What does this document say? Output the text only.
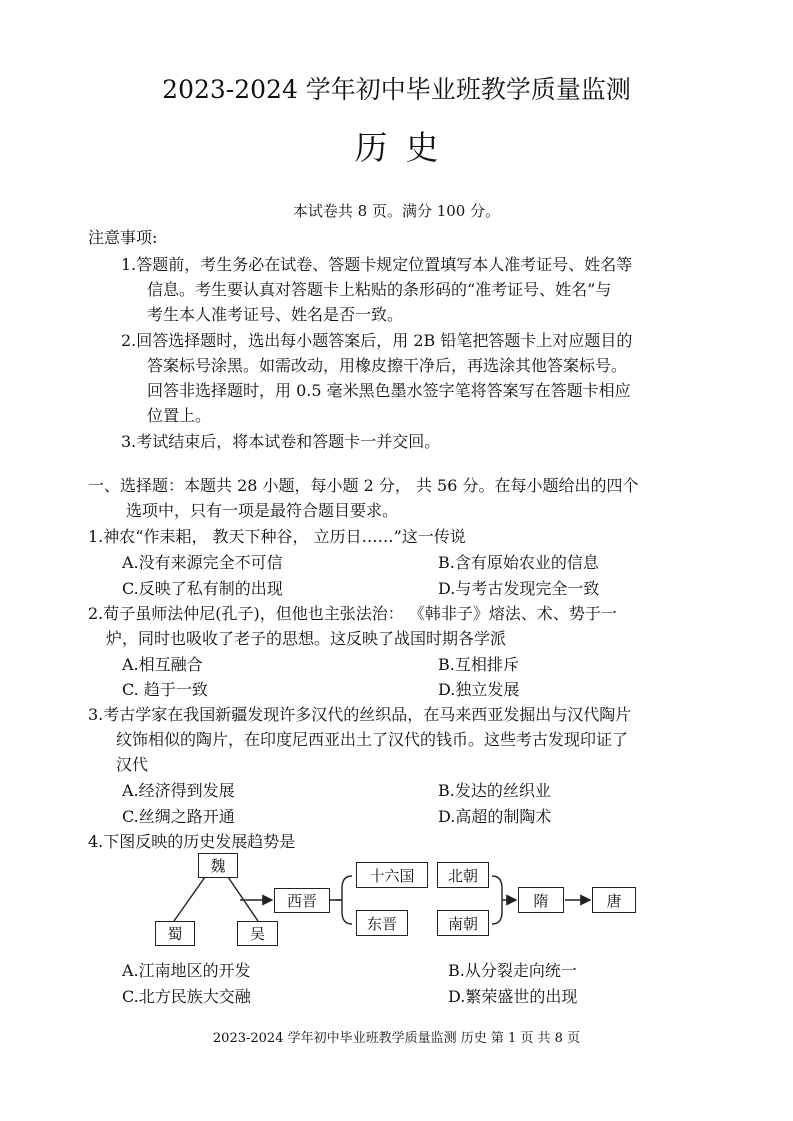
2023-2024 学年初中毕业班教学质量监测
历史
本试卷共 8 页。满分 100 分。
注意事项:
1.答题前，考生务必在试卷、答题卡规定位置填写本人准考证号、姓名等
信息。考生要认真对答题卡上粘贴的条形码的“准考证号、姓名”与
考生本人准考证号、姓名是否一致。
2.回答选择题时，选出每小题答案后，用 2B 铅笔把答题卡上对应题目的
答案标号涂黑。如需改动，用橡皮擦干净后，再选涂其他答案标号。
回答非选择题时，用 0.5 毫米黑色墨水签字笔将答案写在答题卡相应
位置上。
3.考试结束后，将本试卷和答题卡一并交回。
一、选择题：本题共 28 小题，每小题 2 分， 共 56 分。在每小题给出的四个
选项中，只有一项是最符合题目要求。
1.神农“作耒耜， 教天下种谷， 立历日……”这一传说
A.没有来源完全不可信	B.含有原始农业的信息
C.反映了私有制的出现	D.与考古发现完全一致
2.荀子虽师法仲尼(孔子)，但他也主张法治： 《韩非子》熔法、术、势于一
炉，同时也吸收了老子的思想。这反映了战国时期各学派
A.相互融合	B.互相排斥
C. 趋于一致	D.独立发展
3.考古学家在我国新疆发现许多汉代的丝织品，在马来西亚发掘出与汉代陶片
纹饰相似的陶片，在印度尼西亚出土了汉代的钱币。这些考古发现印证了
汉代
A.经济得到发展	B.发达的丝织业
C.丝绸之路开通	D.高超的制陶术
4.下图反映的历史发展趋势是
魏
蜀	吴
西晋
十六国
东晋
北朝
南朝
隋	唐
A.江南地区的开发	B.从分裂走向统一
C.北方民族大交融	D.繁荣盛世的出现
2023-2024 学年初中毕业班教学质量监测 历史 第 1 页 共 8 页
